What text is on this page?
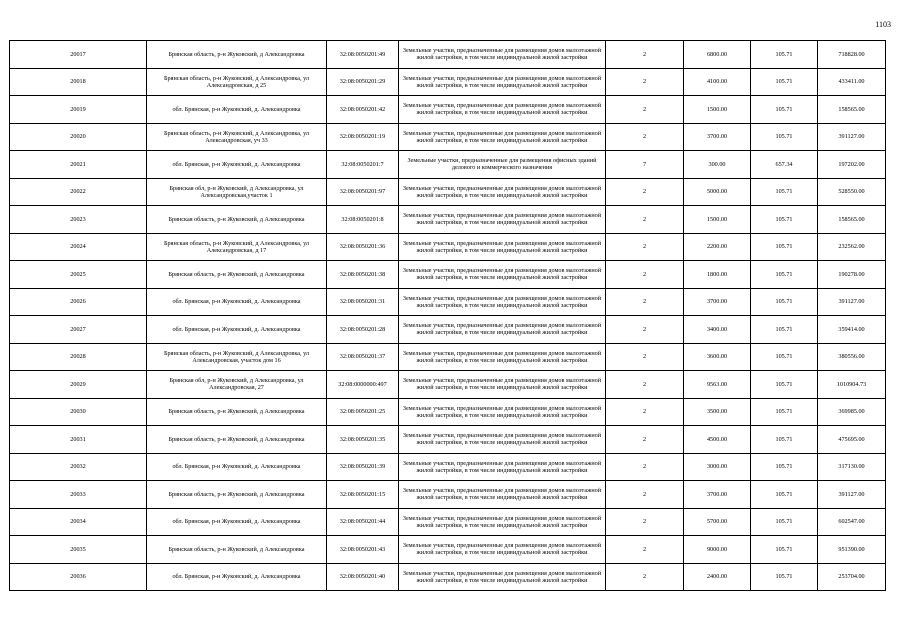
1103
20017	Брянская область, р-н Жуковский, д Александровка	32:08:0050201:49	Земельные участки, предназначенные для размещения домов малоэтажной жилой застройки, в том числе индивидуальной жилой застройки	2	6800.00	105.71	718828.00
20018	Брянская область, р-н Жуковский, д Александровка, ул Александровская, д 25	32:08:0050201:29	Земельные участки, предназначенные для размещения домов малоэтажной жилой застройки, в том числе индивидуальной жилой застройки	2	4100.00	105.71	433411.00
20019	обл. Брянская, р-н Жуковский, д. Александровка	32:08:0050201:42	Земельные участки, предназначенные для размещения домов малоэтажной жилой застройки, в том числе индивидуальной жилой застройки	2	1500.00	105.71	158565.00
20020	Брянская область, р-н Жуковский, д Александровка, ул Александровская, уч 33	32:08:0050201:19	Земельные участки, предназначенные для размещения домов малоэтажной жилой застройки, в том числе индивидуальной жилой застройки	2	3700.00	105.71	391127.00
20021	обл. Брянская, р-н Жуковский, д. Александровка	32:08:0050201:7	Земельные участки, предназначенные для размещения офисных зданий делового и коммерческого назначения	7	300.00	657.34	197202.00
20022	Брянская обл, р-н Жуковский, д Александровка, ул Александровская,участок 1	32:08:0050201:97	Земельные участки, предназначенные для размещения домов малоэтажной жилой застройки, в том числе индивидуальной жилой застройки	2	5000.00	105.71	528550.00
20023	Брянская область, р-н Жуковский, д Александровка	32:08:0050201:8	Земельные участки, предназначенные для размещения домов малоэтажной жилой застройки, в том числе индивидуальной жилой застройки	2	1500.00	105.71	158565.00
20024	Брянская область, р-н Жуковский, д Александровка, ул Александровская, д 17	32:08:0050201:36	Земельные участки, предназначенные для размещения домов малоэтажной жилой застройки, в том числе индивидуальной жилой застройки	2	2200.00	105.71	232562.00
20025	Брянская область, р-н Жуковский, д Александровка	32:08:0050201:38	Земельные участки, предназначенные для размещения домов малоэтажной жилой застройки, в том числе индивидуальной жилой застройки	2	1800.00	105.71	190278.00
20026	обл. Брянская, р-н Жуковский, д. Александровка	32:08:0050201:31	Земельные участки, предназначенные для размещения домов малоэтажной жилой застройки, в том числе индивидуальной жилой застройки	2	3700.00	105.71	391127.00
20027	обл. Брянская, р-н Жуковский, д. Александровка	32:08:0050201:28	Земельные участки, предназначенные для размещения домов малоэтажной жилой застройки, в том числе индивидуальной жилой застройки	2	3400.00	105.71	359414.00
20028	Брянская область, р-н Жуковский, д Александровка, ул Александровская, участок дом 16	32:08:0050201:37	Земельные участки, предназначенные для размещения домов малоэтажной жилой застройки, в том числе индивидуальной жилой застройки	2	3600.00	105.71	380556.00
20029	Брянская обл, р-н Жуковский, д Александровка, ул Александровская, 27	32:08:0000000:497	Земельные участки, предназначенные для размещения домов малоэтажной жилой застройки, в том числе индивидуальной жилой застройки	2	9563.00	105.71	1010904.73
20030	Брянская область, р-н Жуковский, д Александровка	32:08:0050201:25	Земельные участки, предназначенные для размещения домов малоэтажной жилой застройки, в том числе индивидуальной жилой застройки	2	3500.00	105.71	369985.00
20031	Брянская область, р-н Жуковский, д Александровка	32:08:0050201:35	Земельные участки, предназначенные для размещения домов малоэтажной жилой застройки, в том числе индивидуальной жилой застройки	2	4500.00	105.71	475695.00
20032	обл. Брянская, р-н Жуковский, д. Александровка	32:08:0050201:39	Земельные участки, предназначенные для размещения домов малоэтажной жилой застройки, в том числе индивидуальной жилой застройки	2	3000.00	105.71	317130.00
20033	Брянская область, р-н Жуковский, д Александровка	32:08:0050201:15	Земельные участки, предназначенные для размещения домов малоэтажной жилой застройки, в том числе индивидуальной жилой застройки	2	3700.00	105.71	391127.00
20034	обл. Брянская, р-н Жуковский, д. Александровка	32:08:0050201:44	Земельные участки, предназначенные для размещения домов малоэтажной жилой застройки, в том числе индивидуальной жилой застройки	2	5700.00	105.71	602547.00
20035	Брянская область, р-н Жуковский, д Александровка	32:08:0050201:43	Земельные участки, предназначенные для размещения домов малоэтажной жилой застройки, в том числе индивидуальной жилой застройки	2	9000.00	105.71	951390.00
20036	обл. Брянская, р-н Жуковский, д. Александровка	32:08:0050201:40	Земельные участки, предназначенные для размещения домов малоэтажной жилой застройки, в том числе индивидуальной жилой застройки	2	2400.00	105.71	253704.00
